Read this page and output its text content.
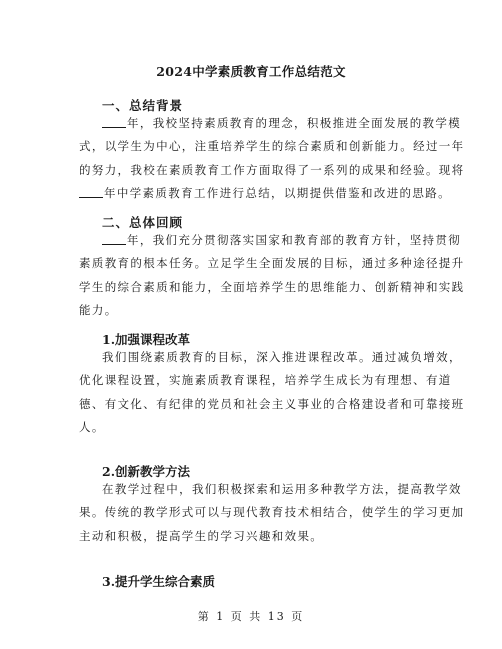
2024中学素质教育工作总结范文
一、总结背景
年，我校坚持素质教育的理念，积极推进全面发展的教学模
式，以学生为中心，注重培养学生的综合素质和创新能力。经过一年
的努力，我校在素质教育工作方面取得了一系列的成果和经验。现将
年中学素质教育工作进行总结，以期提供借鉴和改进的思路。
二、总体回顾
年，我们充分贯彻落实国家和教育部的教育方针，坚持贯彻
素质教育的根本任务。立足学生全面发展的目标，通过多种途径提升
学生的综合素质和能力，全面培养学生的思维能力、创新精神和实践
能力。
1.加强课程改革
我们围绕素质教育的目标，深入推进课程改革。通过减负增效，
优化课程设置，实施素质教育课程，培养学生成长为有理想、有道
德、有文化、有纪律的党员和社会主义事业的合格建设者和可靠接班
人。
2.创新教学方法
在教学过程中，我们积极探索和运用多种教学方法，提高教学效
果。传统的教学形式可以与现代教育技术相结合，使学生的学习更加
主动和积极，提高学生的学习兴趣和效果。
3.提升学生综合素质
第 1 页 共 13 页
